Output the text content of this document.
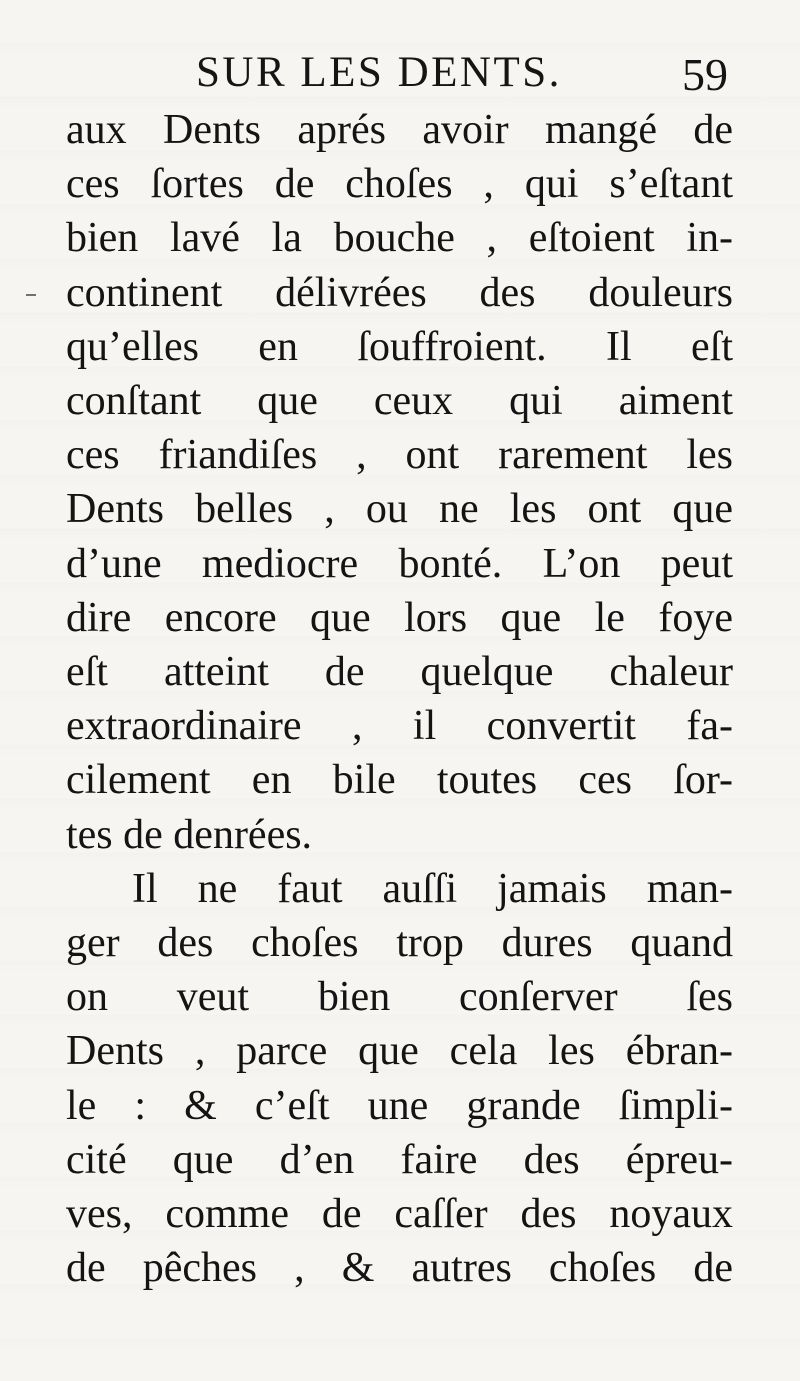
SUR LES DENTS.	59
aux Dents aprés avoir mangé de
ces ſortes de choſes , qui s’eſtant
bien lavé la bouche , eſtoient in-
continent délivrées des douleurs
qu’elles en ſouffroient. Il eſt
conſtant que ceux qui aiment
ces friandiſes , ont rarement les
Dents belles , ou ne les ont que
d’une mediocre bonté. L’on peut
dire encore que lors que le foye
eſt atteint de quelque chaleur
extraordinaire , il convertit fa-
cilement en bile toutes ces ſor-
tes de denrées.
Il ne faut auſſi jamais man-
ger des choſes trop dures quand
on veut bien conſerver ſes
Dents , parce que cela les ébran-
le : & c’eſt une grande ſimpli-
cité que d’en faire des épreu-
ves, comme de caſſer des noyaux
de pêches , & autres choſes de
